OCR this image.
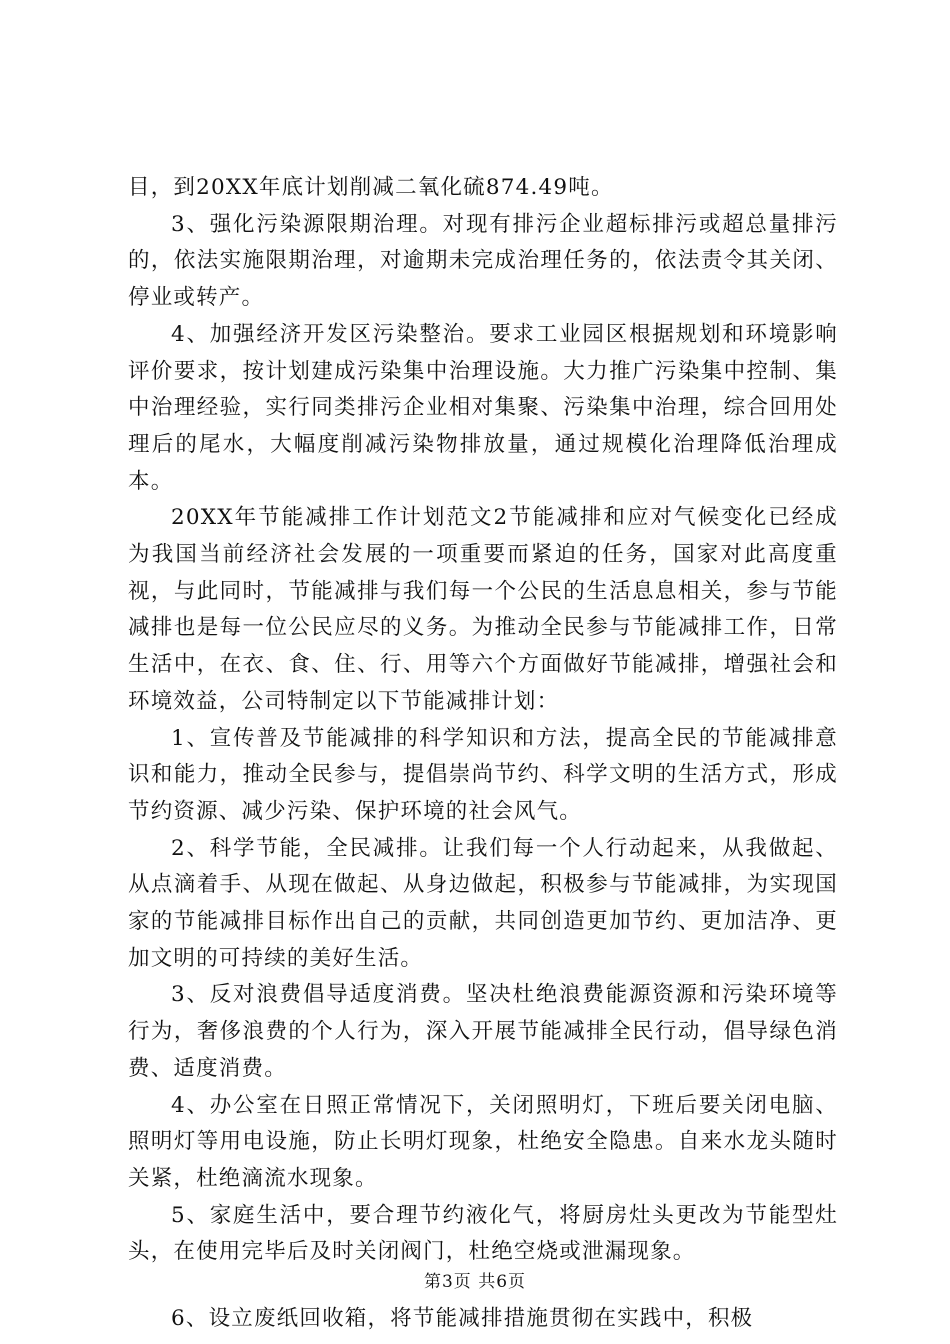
目，到20XX年底计划削减二氧化硫874.49吨。

3、强化污染源限期治理。对现有排污企业超标排污或超总量排污的，依法实施限期治理，对逾期未完成治理任务的，依法责令其关闭、停业或转产。

4、加强经济开发区污染整治。要求工业园区根据规划和环境影响评价要求，按计划建成污染集中治理设施。大力推广污染集中控制、集中治理经验，实行同类排污企业相对集聚、污染集中治理，综合回用处理后的尾水，大幅度削减污染物排放量，通过规模化治理降低治理成本。

20XX年节能减排工作计划范文2节能减排和应对气候变化已经成为我国当前经济社会发展的一项重要而紧迫的任务，国家对此高度重视，与此同时，节能减排与我们每一个公民的生活息息相关，参与节能减排也是每一位公民应尽的义务。为推动全民参与节能减排工作，日常生活中，在衣、食、住、行、用等六个方面做好节能减排，增强社会和环境效益，公司特制定以下节能减排计划：

1、宣传普及节能减排的科学知识和方法，提高全民的节能减排意识和能力，推动全民参与，提倡崇尚节约、科学文明的生活方式，形成节约资源、减少污染、保护环境的社会风气。

2、科学节能，全民减排。让我们每一个人行动起来，从我做起、从点滴着手、从现在做起、从身边做起，积极参与节能减排，为实现国家的节能减排目标作出自己的贡献，共同创造更加节约、更加洁净、更加文明的可持续的美好生活。

3、反对浪费倡导适度消费。坚决杜绝浪费能源资源和污染环境等行为，奢侈浪费的个人行为，深入开展节能减排全民行动，倡导绿色消费、适度消费。

4、办公室在日照正常情况下，关闭照明灯，下班后要关闭电脑、照明灯等用电设施，防止长明灯现象，杜绝安全隐患。自来水龙头随时关紧，杜绝滴流水现象。

5、家庭生活中，要合理节约液化气，将厨房灶头更改为节能型灶头，在使用完毕后及时关闭阀门，杜绝空烧或泄漏现象。

6、设立废纸回收箱，将节能减排措施贯彻在实践中，积极

第3页 共6页
